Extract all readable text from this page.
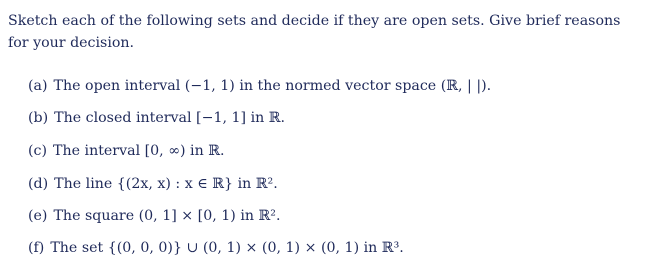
Sketch each of the following sets and decide if they are open sets. Give brief reasons
for your decision.
(a) The open interval (−1, 1) in the normed vector space (ℝ, | |).
(b) The closed interval [−1, 1] in ℝ.
(c) The interval [0, ∞) in ℝ.
(d) The line {(2x, x) : x ∈ ℝ} in ℝ².
(e) The square (0, 1] × [0, 1) in ℝ².
(f) The set {(0, 0, 0)} ∪ (0, 1) × (0, 1) × (0, 1) in ℝ³.
